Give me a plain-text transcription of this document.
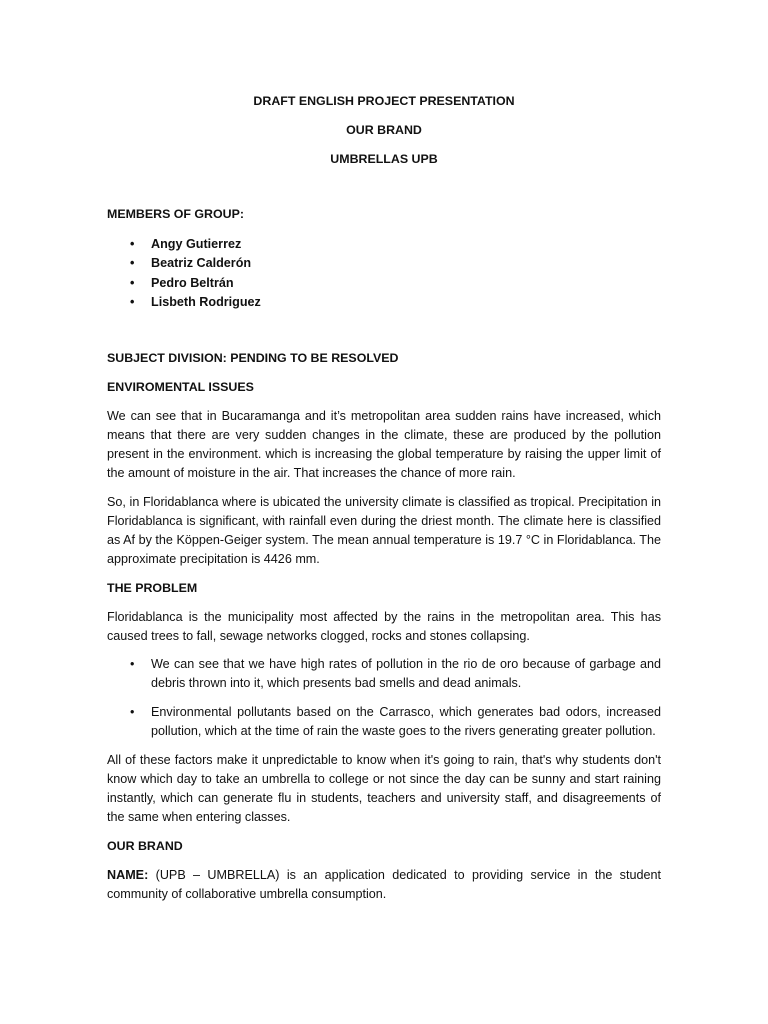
DRAFT ENGLISH PROJECT PRESENTATION
OUR BRAND
UMBRELLAS UPB
MEMBERS OF GROUP:
• Angy Gutierrez
• Beatriz Calderón
• Pedro Beltrán
• Lisbeth Rodriguez
SUBJECT DIVISION: PENDING TO BE RESOLVED
ENVIROMENTAL ISSUES

We can see that in Bucaramanga and it’s metropolitan area sudden rains have increased, which means that there are very sudden changes in the climate, these are produced by the pollution present in the environment. which is increasing the global temperature by raising the upper limit of the amount of moisture in the air. That increases the chance of more rain.

So, in Floridablanca where is ubicated the university climate is classified as tropical. Precipitation in Floridablanca is significant, with rainfall even during the driest month. The climate here is classified as Af by the Köppen-Geiger system. The mean annual temperature is 19.7 °C in Floridablanca. The approximate precipitation is 4426 mm.

THE PROBLEM

Floridablanca is the municipality most affected by the rains in the metropolitan area. This has caused trees to fall, sewage networks clogged, rocks and stones collapsing.

• We can see that we have high rates of pollution in the rio de oro because of garbage and debris thrown into it, which presents bad smells and dead animals.
• Environmental pollutants based on the Carrasco, which generates bad odors, increased pollution, which at the time of rain the waste goes to the rivers generating greater pollution.

All of these factors make it unpredictable to know when it's going to rain, that's why students don't know which day to take an umbrella to college or not since the day can be sunny and start raining instantly, which can generate flu in students, teachers and university staff, and disagreements of the same when entering classes.

OUR BRAND

NAME: (UPB – UMBRELLA) is an application dedicated to providing service in the student community of collaborative umbrella consumption.
